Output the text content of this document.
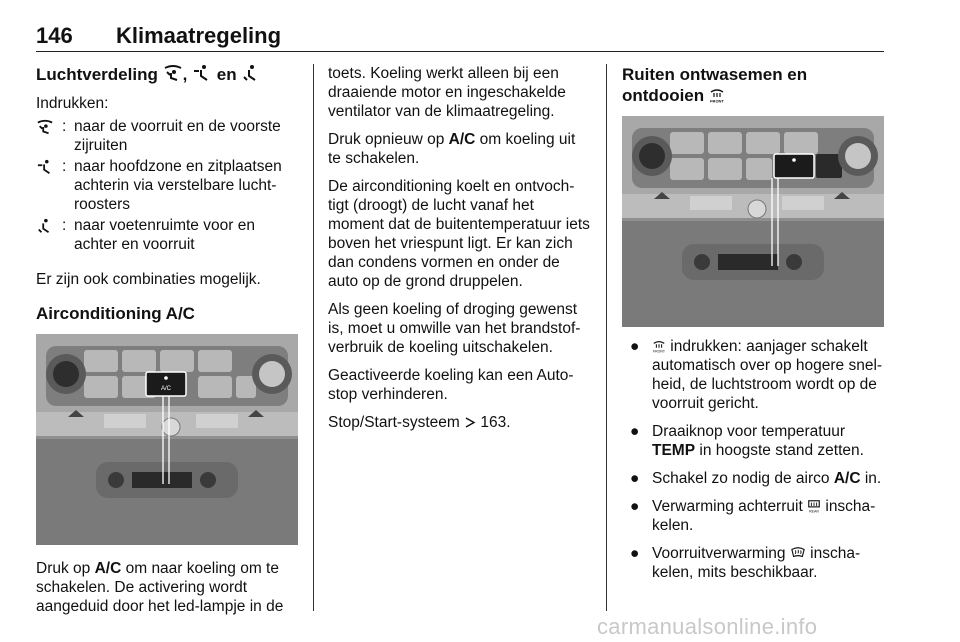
146 Klimaatregeling
Luchtverdeling , en

Indrukken:

: naar de voorruit en de voorste zijruiten
: naar hoofdzone en zitplaatsen achterin via verstelbare lucht-roosters
: naar voetenruimte voor en achter en voorruit

Er zijn ook combinaties mogelijk.

Airconditioning A/C
A/C

Druk op A/C om naar koeling om te schakelen. De activering wordt aangeduid door het led-lampje in de

toets. Koeling werkt alleen bij een draaiende motor en ingeschakelde ventilator van de klimaatregeling.

Druk opnieuw op A/C om koeling uit te schakelen.

De airconditioning koelt en ontvoch-tigt (droogt) de lucht vanaf het moment dat de buitentemperatuur iets boven het vriespunt ligt. Er kan zich dan condens vormen en onder de auto op de grond druppelen.

Als geen koeling of droging gewenst is, moet u omwille van het brandstof-verbruik de koeling uitschakelen.

Geactiveerde koeling kan een Auto-stop verhinderen.

Stop/Start-systeem  163.

Ruiten ontwasemen en ontdooien FRONT
●	FRONT indrukken: aanjager schakelt automatisch over op hogere snel-heid, de luchtstroom wordt op de voorruit gericht.
● Draaiknop voor temperatuur TEMP in hoogste stand zetten.
● Schakel zo nodig de airco A/C in.
● Verwarming achterruit REAR inscha-kelen.
● Voorruitverwarming  inscha-kelen, mits beschikbaar.
carmanualsonline.info
